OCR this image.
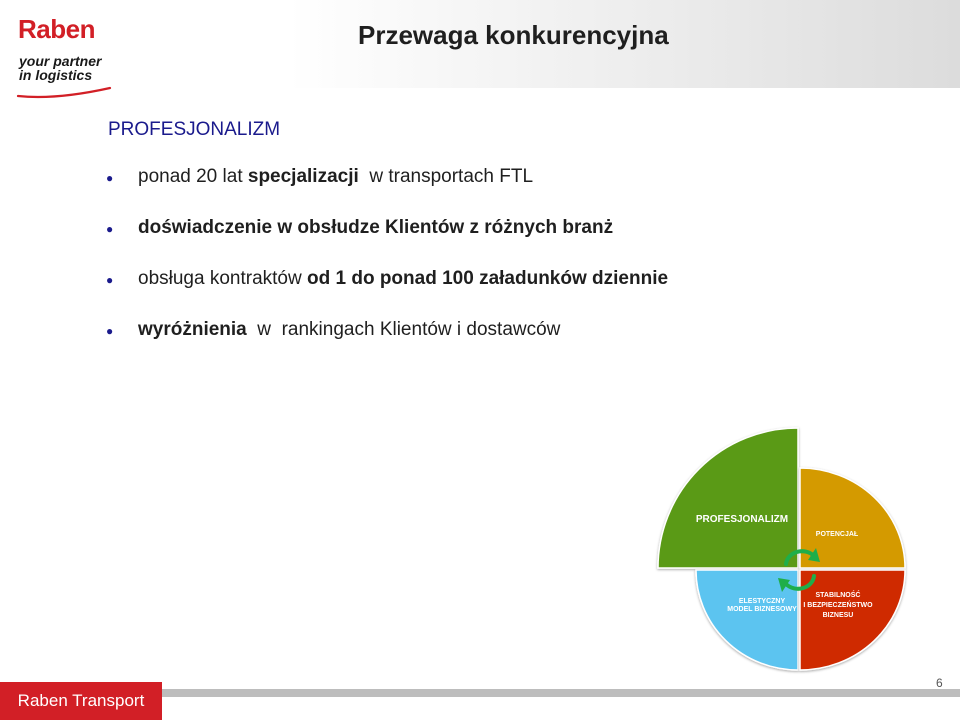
Raben
your partner
in logistics
Przewaga konkurencyjna
PROFESJONALIZM
● ponad 20 lat specjalizacji  w transportach FTL
● doświadczenie w obsłudze Klientów z różnych branż
● obsługa kontraktów od 1 do ponad 100 załadunków dziennie
● wyróżnienia  w  rankingach Klientów i dostawców
PROFESJONALIZM
POTENCJAŁ
ELESTYCZNY
MODEL BIZNESOWY
STABILNOŚĆ
I BEZPIECZEŃSTWO
BIZNESU
Raben Transport
6
